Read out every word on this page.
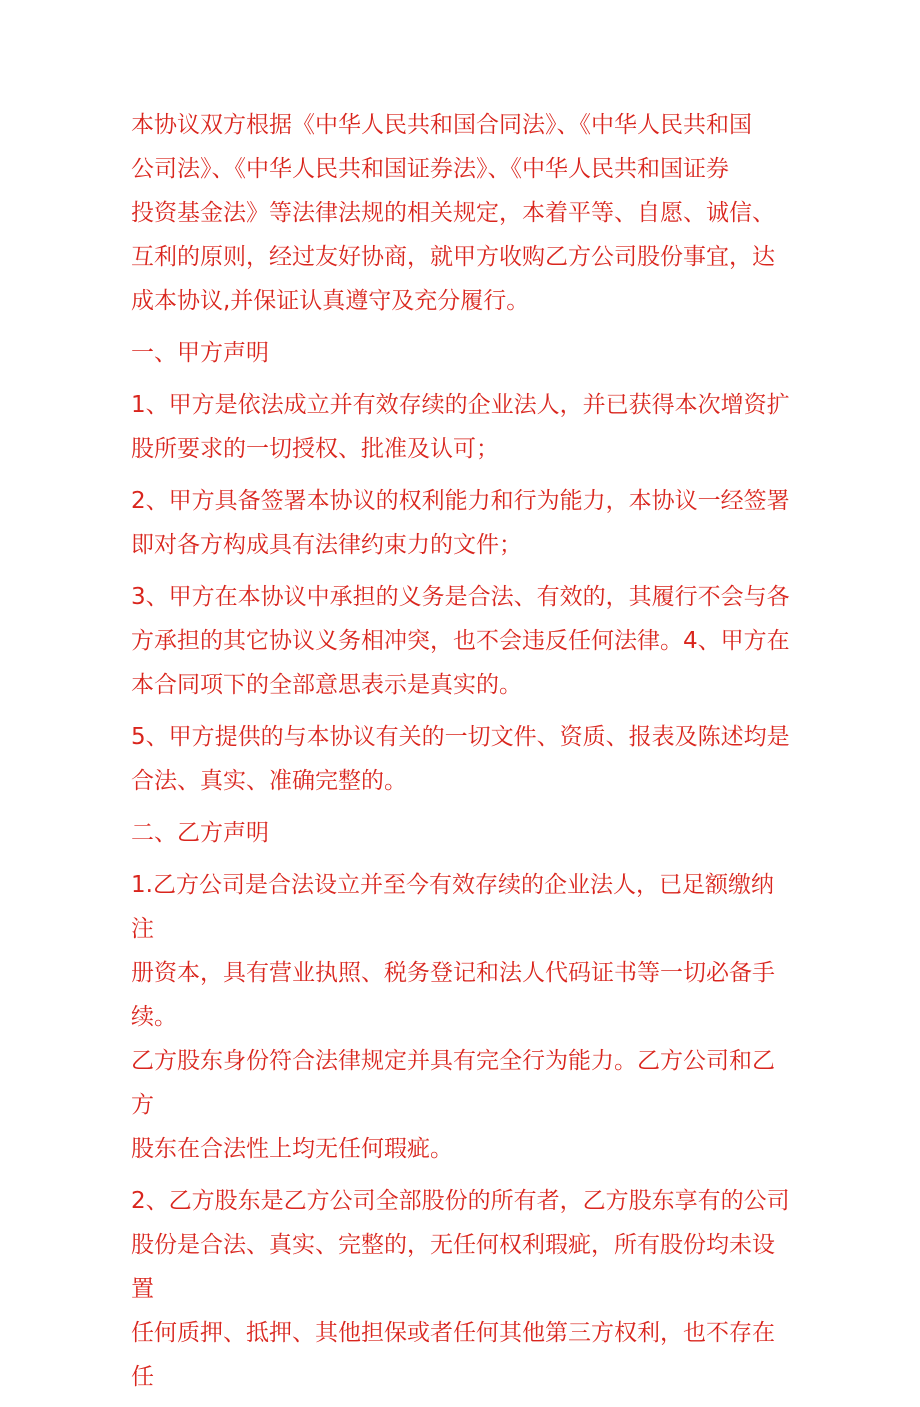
本协议双方根据《中华人民共和国合同法》、《中华人民共和国
公司法》、《中华人民共和国证券法》、《中华人民共和国证券
投资基金法》等法律法规的相关规定，本着平等、自愿、诚信、
互利的原则，经过友好协商，就甲方收购乙方公司股份事宜，达
成本协议,并保证认真遵守及充分履行。
一、甲方声明
1、甲方是依法成立并有效存续的企业法人，并已获得本次增资扩
股所要求的一切授权、批准及认可；
2、甲方具备签署本协议的权利能力和行为能力，本协议一经签署
即对各方构成具有法律约束力的文件；
3、甲方在本协议中承担的义务是合法、有效的，其履行不会与各
方承担的其它协议义务相冲突，也不会违反任何法律。4、甲方在
本合同项下的全部意思表示是真实的。
5、甲方提供的与本协议有关的一切文件、资质、报表及陈述均是
合法、真实、准确完整的。
二、乙方声明
1.乙方公司是合法设立并至今有效存续的企业法人，已足额缴纳注
册资本，具有营业执照、税务登记和法人代码证书等一切必备手续。
乙方股东身份符合法律规定并具有完全行为能力。乙方公司和乙方
股东在合法性上均无任何瑕疵。
2、乙方股东是乙方公司全部股份的所有者，乙方股东享有的公司
股份是合法、真实、完整的，无任何权利瑕疵，所有股份均未设置
任何质押、抵押、其他担保或者任何其他第三方权利，也不存在任
